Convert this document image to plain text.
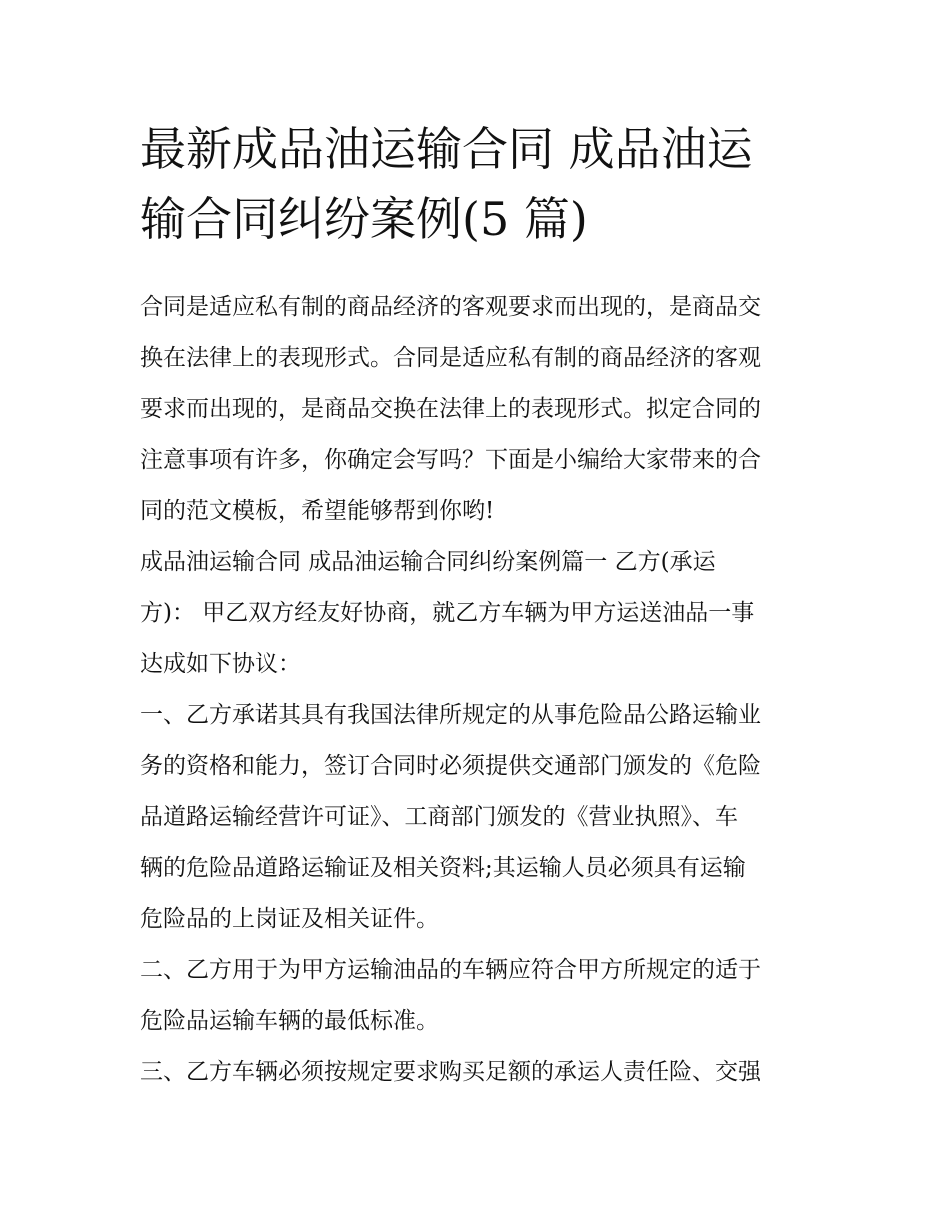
最新成品油运输合同 成品油运
输合同纠纷案例(5 篇)
合同是适应私有制的商品经济的客观要求而出现的，是商品交
换在法律上的表现形式。合同是适应私有制的商品经济的客观
要求而出现的，是商品交换在法律上的表现形式。拟定合同的
注意事项有许多，你确定会写吗？下面是小编给大家带来的合
同的范文模板，希望能够帮到你哟!
成品油运输合同 成品油运输合同纠纷案例篇一 乙方(承运
方)： 甲乙双方经友好协商，就乙方车辆为甲方运送油品一事
达成如下协议：
一、乙方承诺其具有我国法律所规定的从事危险品公路运输业
务的资格和能力，签订合同时必须提供交通部门颁发的《危险
品道路运输经营许可证》、工商部门颁发的《营业执照》、车
辆的危险品道路运输证及相关资料;其运输人员必须具有运输
危险品的上岗证及相关证件。
二、乙方用于为甲方运输油品的车辆应符合甲方所规定的适于
危险品运输车辆的最低标准。
三、乙方车辆必须按规定要求购买足额的承运人责任险、交强
